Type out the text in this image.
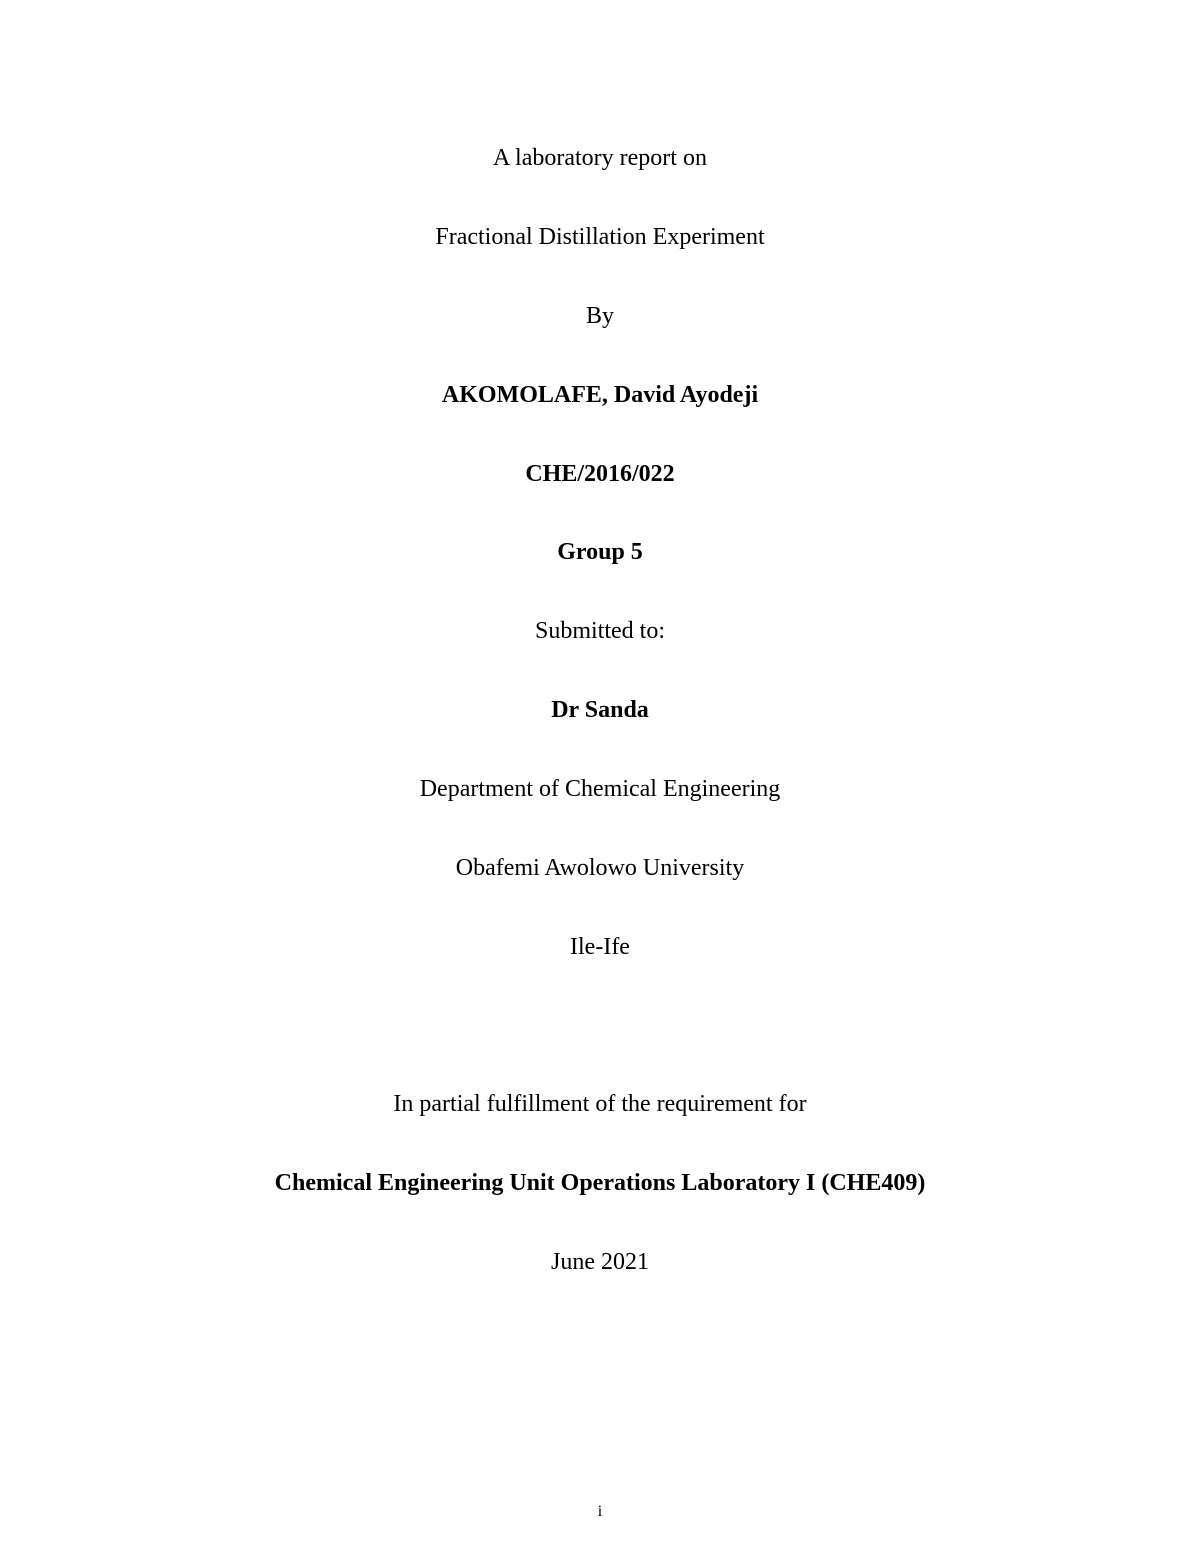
A laboratory report on
Fractional Distillation Experiment
By
AKOMOLAFE, David Ayodeji
CHE/2016/022
Group 5
Submitted to:
Dr Sanda
Department of Chemical Engineering
Obafemi Awolowo University
Ile-Ife
In partial fulfillment of the requirement for
Chemical Engineering Unit Operations Laboratory I (CHE409)
June 2021
i
